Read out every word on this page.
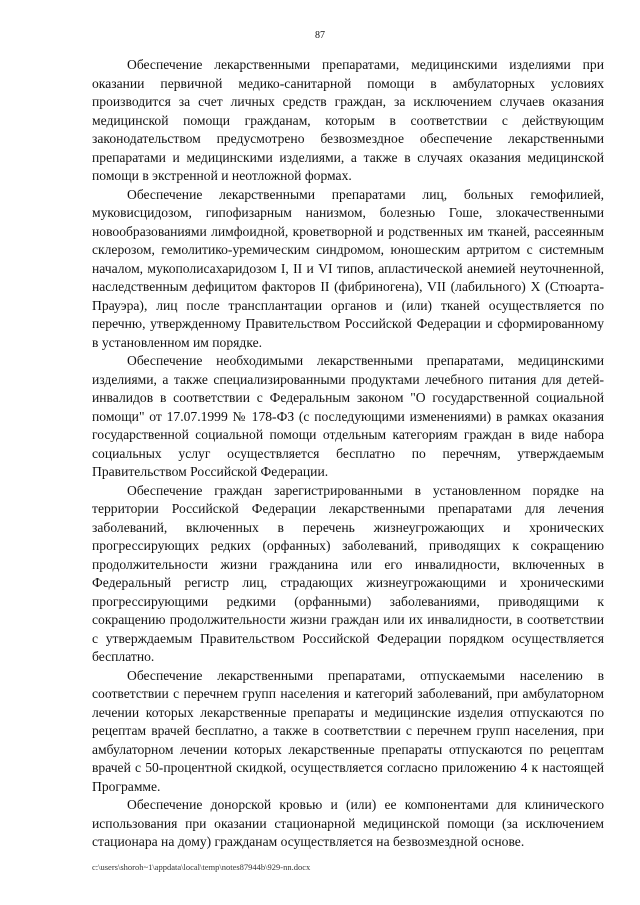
87

Обеспечение лекарственными препаратами, медицинскими изделиями при оказании первичной медико-санитарной помощи в амбулаторных условиях производится за счет личных средств граждан, за исключением случаев оказания медицинской помощи гражданам, которым в соответствии с действующим законодательством предусмотрено безвозмездное обеспечение лекарственными препаратами и медицинскими изделиями, а также в случаях оказания медицинской помощи в экстренной и неотложной формах.

Обеспечение лекарственными препаратами лиц, больных гемофилией, муковисцидозом, гипофизарным нанизмом, болезнью Гоше, злокачественными новообразованиями лимфоидной, кроветворной и родственных им тканей, рассеянным склерозом, гемолитико-уремическим синдромом, юношеским артритом с системным началом, мукополисахаридозом I, II и VI типов, апластической анемией неуточненной, наследственным дефицитом факторов II (фибриногена), VII (лабильного) X (Стюарта-Прауэра), лиц после трансплантации органов и (или) тканей осуществляется по перечню, утвержденному Правительством Российской Федерации и сформированному в установленном им порядке.

Обеспечение необходимыми лекарственными препаратами, медицинскими изделиями, а также специализированными продуктами лечебного питания для детей-инвалидов в соответствии с Федеральным законом "О государственной социальной помощи" от 17.07.1999 № 178-ФЗ (с последующими изменениями) в рамках оказания государственной социальной помощи отдельным категориям граждан в виде набора социальных услуг осуществляется бесплатно по перечням, утверждаемым Правительством Российской Федерации.

Обеспечение граждан зарегистрированными в установленном порядке на территории Российской Федерации лекарственными препаратами для лечения заболеваний, включенных в перечень жизнеугрожающих и хронических прогрессирующих редких (орфанных) заболеваний, приводящих к сокращению продолжительности жизни гражданина или его инвалидности, включенных в Федеральный регистр лиц, страдающих жизнеугрожающими и хроническими прогрессирующими редкими (орфанными) заболеваниями, приводящими к сокращению продолжительности жизни граждан или их инвалидности, в соответствии с утверждаемым Правительством Российской Федерации порядком осуществляется бесплатно.

Обеспечение лекарственными препаратами, отпускаемыми населению в соответствии с перечнем групп населения и категорий заболеваний, при амбулаторном лечении которых лекарственные препараты и медицинские изделия отпускаются по рецептам врачей бесплатно, а также в соответствии с перечнем групп населения, при амбулаторном лечении которых лекарственные препараты отпускаются по рецептам врачей с 50-процентной скидкой, осуществляется согласно приложению 4 к настоящей Программе.

Обеспечение донорской кровью и (или) ее компонентами для клинического использования при оказании стационарной медицинской помощи (за исключением стационара на дому) гражданам осуществляется на безвозмездной основе.

c:\users\shoroh~1\appdata\local\temp\notes87944b\929-nn.docx
